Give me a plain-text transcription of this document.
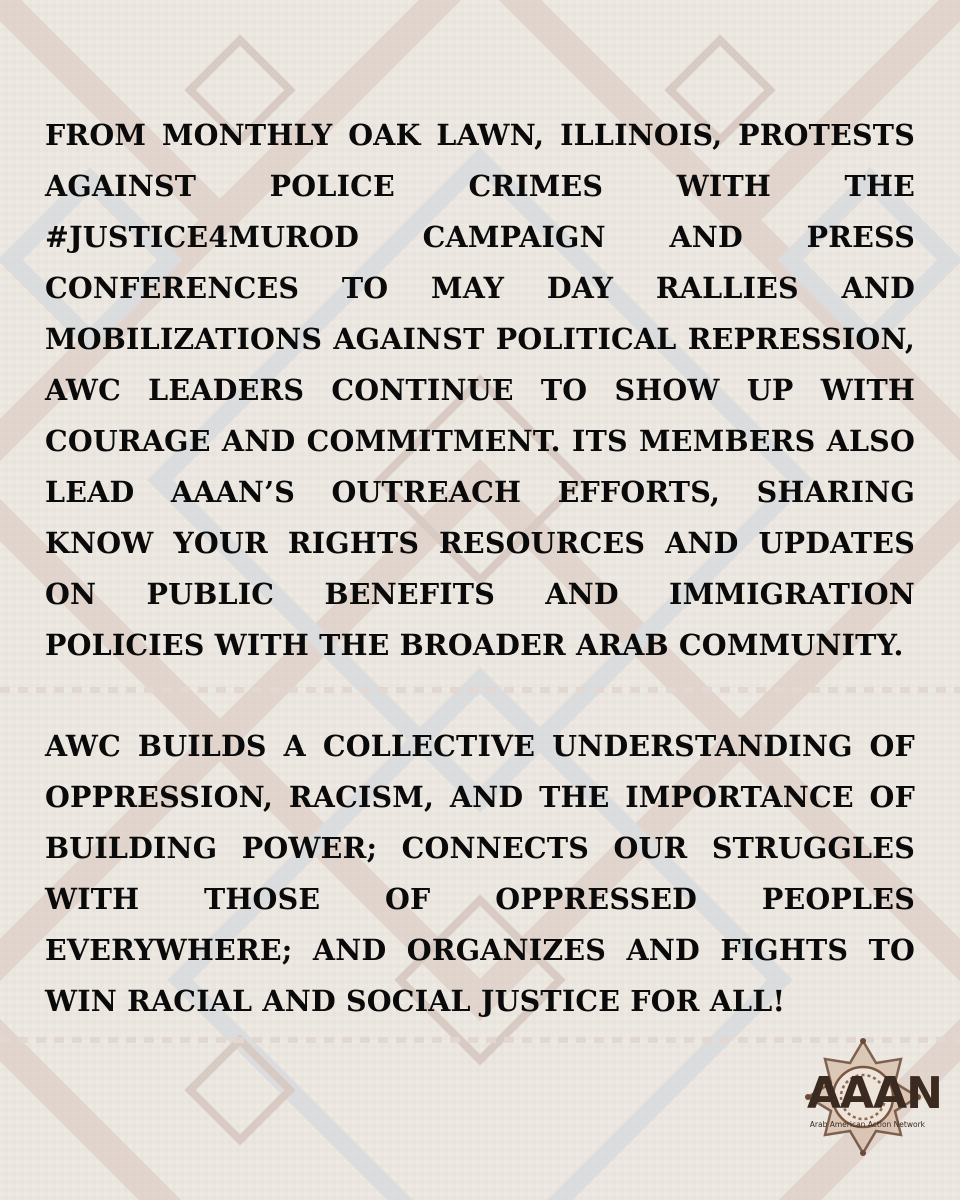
FROM MONTHLY OAK LAWN, ILLINOIS, PROTESTS AGAINST POLICE CRIMES WITH THE #JUSTICE4MUROD CAMPAIGN AND PRESS CONFERENCES TO MAY DAY RALLIES AND MOBILIZATIONS AGAINST POLITICAL REPRESSION, AWC LEADERS CONTINUE TO SHOW UP WITH COURAGE AND COMMITMENT. ITS MEMBERS ALSO LEAD AAAN’S OUTREACH EFFORTS, SHARING KNOW YOUR RIGHTS RESOURCES AND UPDATES ON PUBLIC BENEFITS AND IMMIGRATION POLICIES WITH THE BROADER ARAB COMMUNITY.

AWC BUILDS A COLLECTIVE UNDERSTANDING OF OPPRESSION, RACISM, AND THE IMPORTANCE OF BUILDING POWER; CONNECTS OUR STRUGGLES WITH THOSE OF OPPRESSED PEOPLES EVERYWHERE; AND ORGANIZES AND FIGHTS TO WIN RACIAL AND SOCIAL JUSTICE FOR ALL!

AAAN
Arab American Action Network
